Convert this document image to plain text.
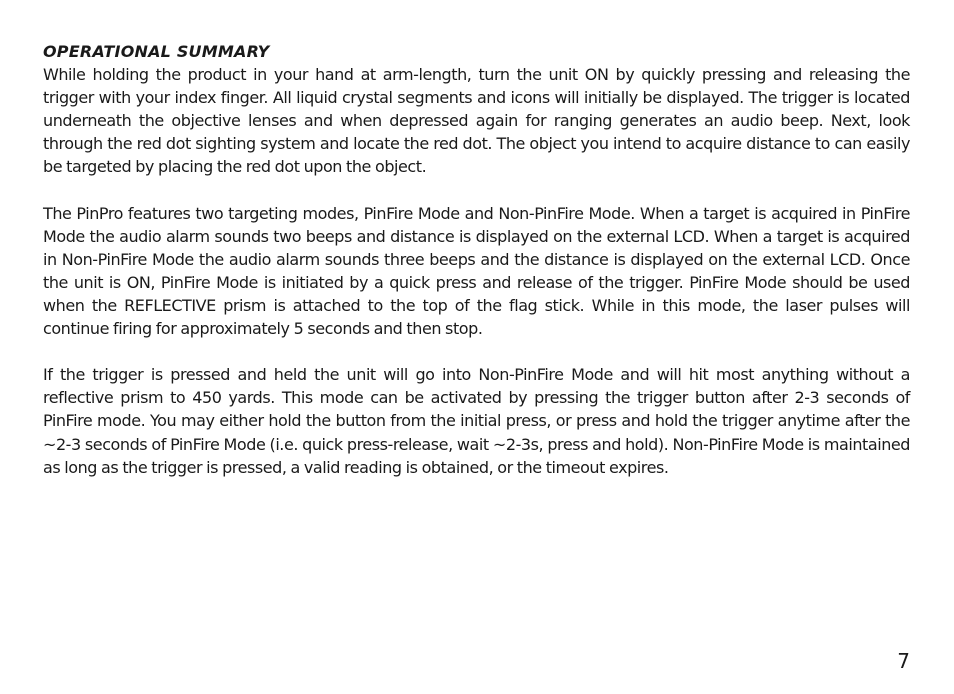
OPERATIONAL SUMMARY

While holding the product in your hand at arm-length, turn the unit ON by quickly pressing and releasing the trigger with your index finger. All liquid crystal segments and icons will initially be displayed. The trigger is located underneath the objective lenses and when depressed again for ranging generates an audio beep. Next, look through the red dot sighting system and locate the red dot. The object you intend to acquire distance to can easily be targeted by placing the red dot upon the object.

The PinPro features two targeting modes, PinFire Mode and Non-PinFire Mode. When a target is acquired in PinFire Mode the audio alarm sounds two beeps and distance is displayed on the external LCD. When a target is acquired in Non-PinFire Mode the audio alarm sounds three beeps and the distance is displayed on the external LCD. Once the unit is ON, PinFire Mode is initiated by a quick press and release of the trigger. PinFire Mode should be used when the REFLECTIVE prism is attached to the top of the flag stick. While in this mode, the laser pulses will continue firing for approximately 5 seconds and then stop.

If the trigger is pressed and held the unit will go into Non-PinFire Mode and will hit most anything without a reflective prism to 450 yards. This mode can be activated by pressing the trigger button after 2-3 seconds of PinFire mode. You may either hold the button from the initial press, or press and hold the trigger anytime after the ~2-3 seconds of PinFire Mode (i.e. quick press-release, wait ~2-3s, press and hold). Non-PinFire Mode is maintained as long as the trigger is pressed, a valid reading is obtained, or the timeout expires.

7
